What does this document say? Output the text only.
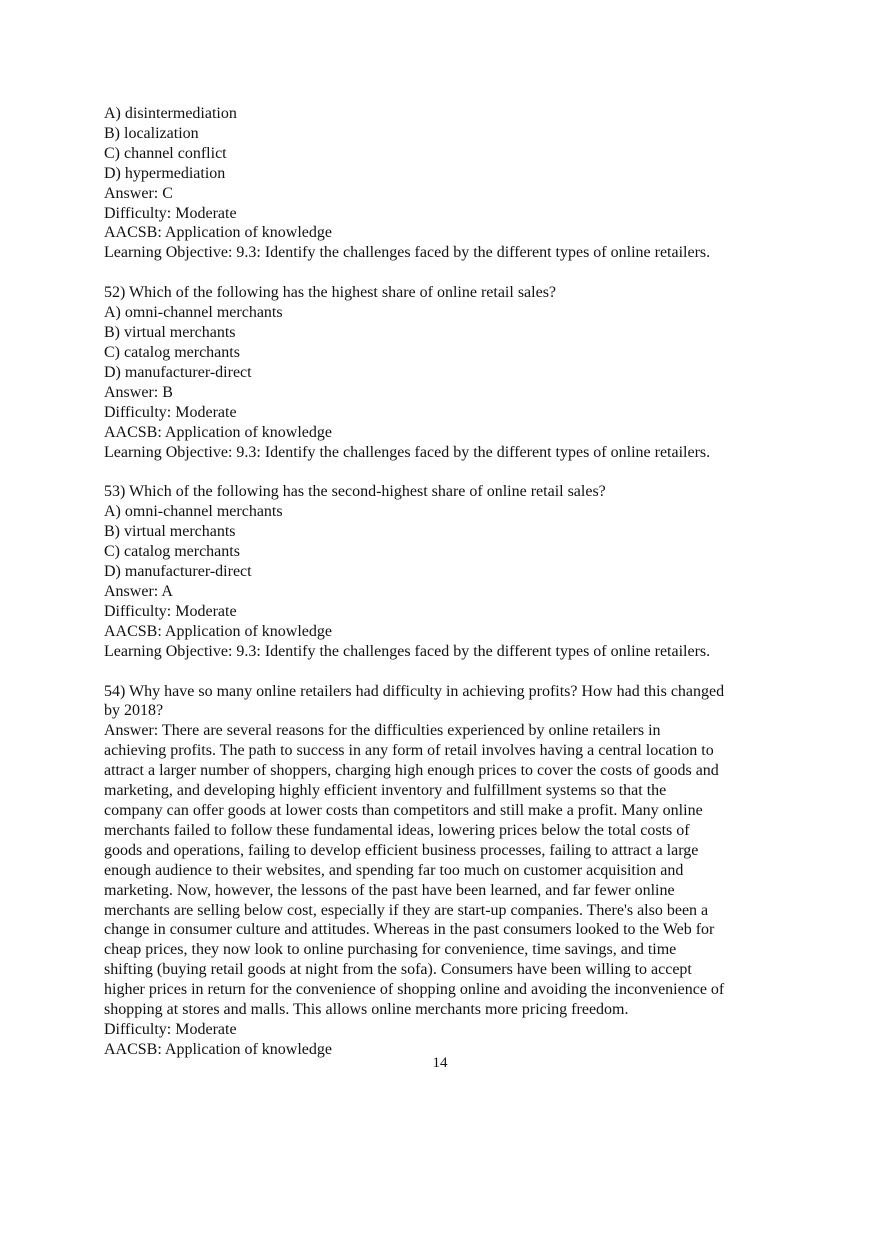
A) disintermediation
B) localization
C) channel conflict
D) hypermediation
Answer: C
Difficulty: Moderate
AACSB: Application of knowledge
Learning Objective: 9.3: Identify the challenges faced by the different types of online retailers.
52) Which of the following has the highest share of online retail sales?
A) omni-channel merchants
B) virtual merchants
C) catalog merchants
D) manufacturer-direct
Answer: B
Difficulty: Moderate
AACSB: Application of knowledge
Learning Objective: 9.3: Identify the challenges faced by the different types of online retailers.
53) Which of the following has the second-highest share of online retail sales?
A) omni-channel merchants
B) virtual merchants
C) catalog merchants
D) manufacturer-direct
Answer: A
Difficulty: Moderate
AACSB: Application of knowledge
Learning Objective: 9.3: Identify the challenges faced by the different types of online retailers.
54) Why have so many online retailers had difficulty in achieving profits? How had this changed
by 2018?
Answer: There are several reasons for the difficulties experienced by online retailers in
achieving profits. The path to success in any form of retail involves having a central location to
attract a larger number of shoppers, charging high enough prices to cover the costs of goods and
marketing, and developing highly efficient inventory and fulfillment systems so that the
company can offer goods at lower costs than competitors and still make a profit. Many online
merchants failed to follow these fundamental ideas, lowering prices below the total costs of
goods and operations, failing to develop efficient business processes, failing to attract a large
enough audience to their websites, and spending far too much on customer acquisition and
marketing. Now, however, the lessons of the past have been learned, and far fewer online
merchants are selling below cost, especially if they are start-up companies. There's also been a
change in consumer culture and attitudes. Whereas in the past consumers looked to the Web for
cheap prices, they now look to online purchasing for convenience, time savings, and time
shifting (buying retail goods at night from the sofa). Consumers have been willing to accept
higher prices in return for the convenience of shopping online and avoiding the inconvenience of
shopping at stores and malls. This allows online merchants more pricing freedom.
Difficulty: Moderate
AACSB: Application of knowledge
14
